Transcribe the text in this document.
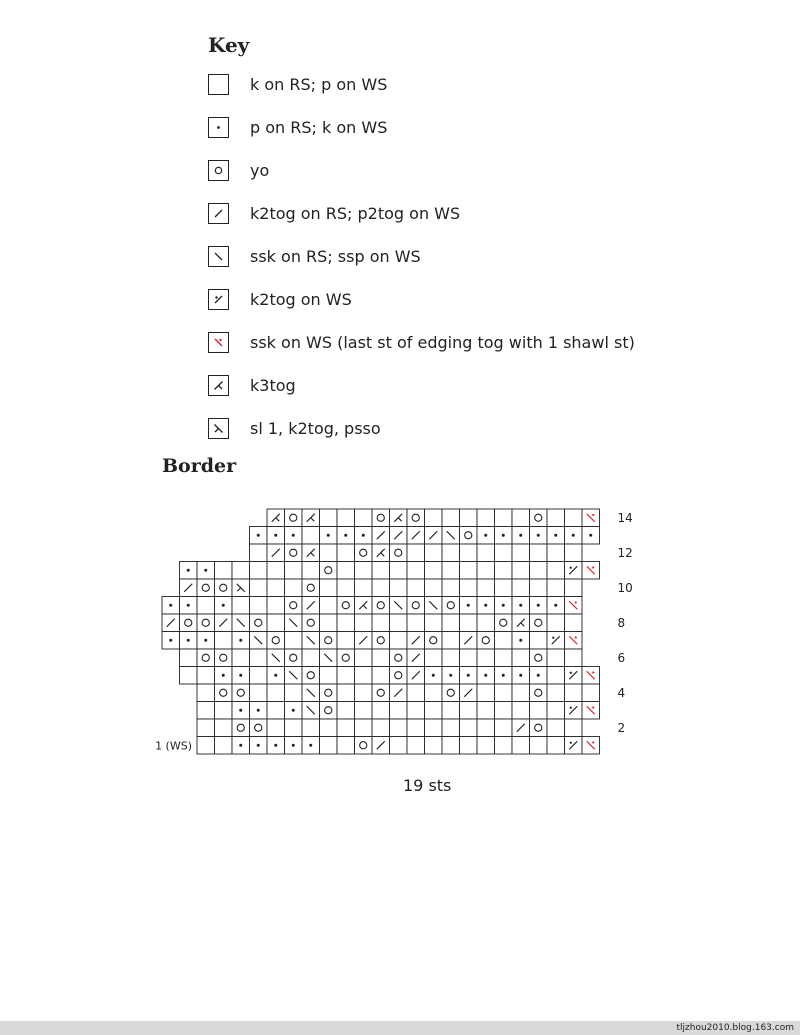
Key
k on RS; p on WS
p on RS; k on WS
yo
k2tog on RS; p2tog on WS
ssk on RS; ssp on WS
k2tog on WS
ssk on WS (last st of edging tog with 1 shawl st)
k3tog
sl 1, k2tog, psso
Border
14
12
10
8
6
4
2
1 (WS)
19 sts
tljzhou2010.blog.163.com
